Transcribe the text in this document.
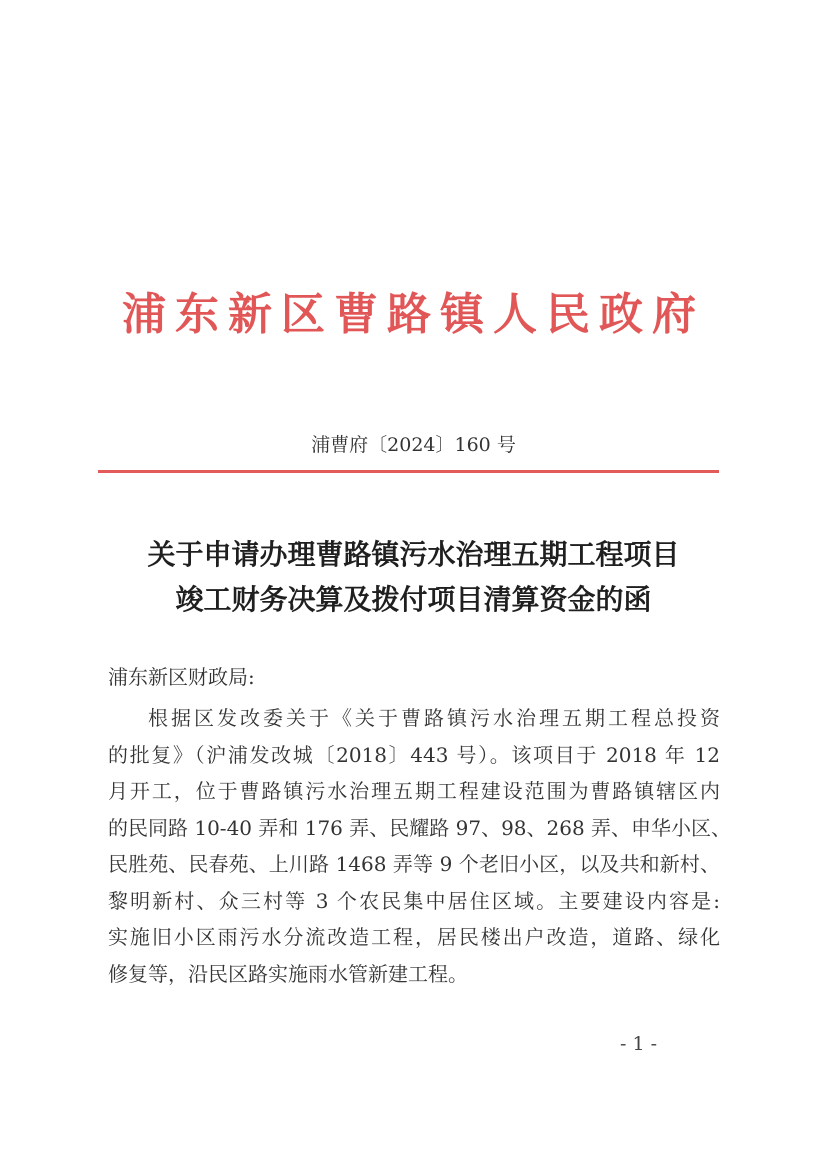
浦东新区曹路镇人民政府
浦曹府〔2024〕160 号
关于申请办理曹路镇污水治理五期工程项目
竣工财务决算及拨付项目清算资金的函
浦东新区财政局:
根据区发改委关于《关于曹路镇污水治理五期工程总投资
的批复》（沪浦发改城〔2018〕443 号）。该项目于 2018 年 12
月开工，位于曹路镇污水治理五期工程建设范围为曹路镇辖区内
的民同路 10-40 弄和 176 弄、民耀路 97、98、268 弄、申华小区、
民胜苑、民春苑、上川路 1468 弄等 9 个老旧小区，以及共和新村、
黎明新村、众三村等 3 个农民集中居住区域。主要建设内容是:
实施旧小区雨污水分流改造工程，居民楼出户改造，道路、绿化
修复等，沿民区路实施雨水管新建工程。
- 1 -
